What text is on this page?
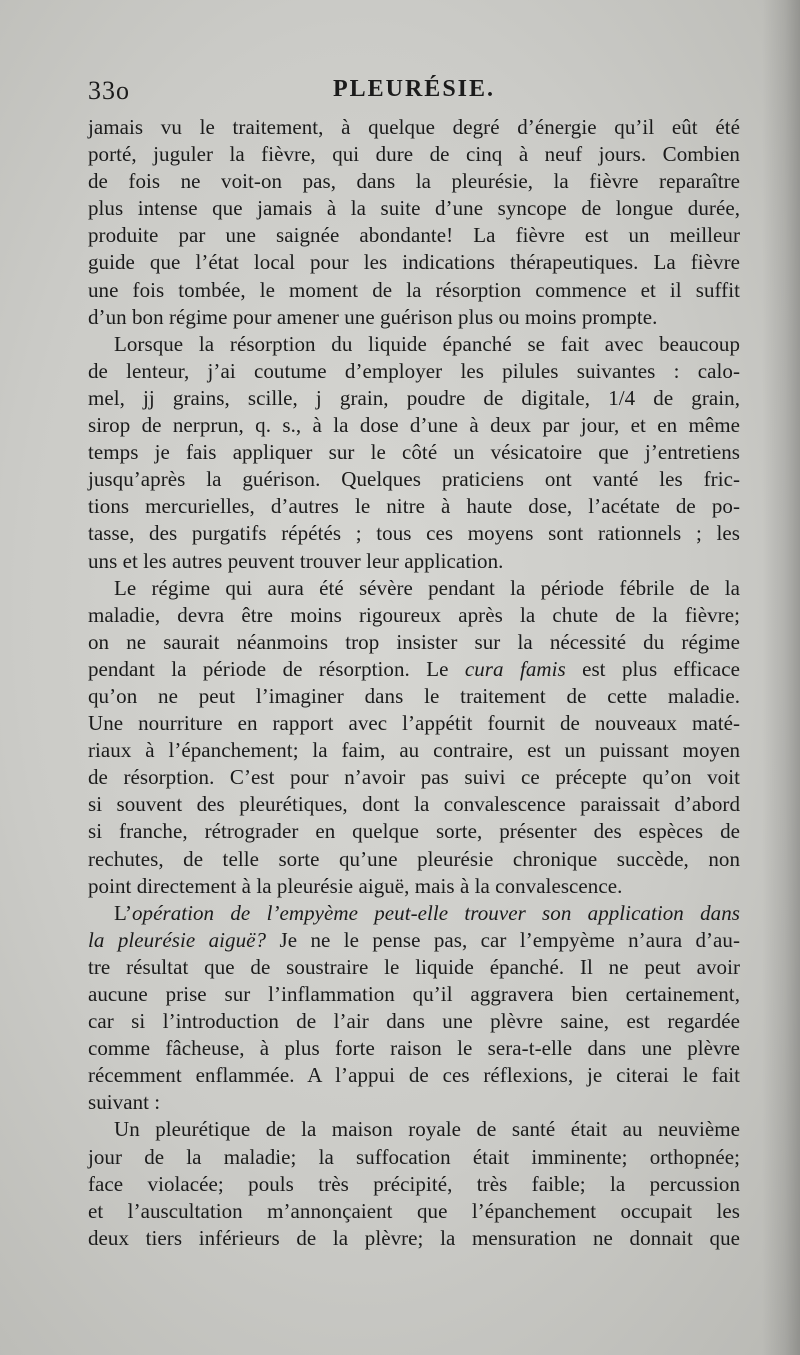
33o	PLEURÉSIE.
jamais vu le traitement, à quelque degré d’énergie qu’il eût été
porté, juguler la fièvre, qui dure de cinq à neuf jours. Combien
de fois ne voit-on pas, dans la pleurésie, la fièvre reparaître
plus intense que jamais à la suite d’une syncope de longue durée,
produite par une saignée abondante! La fièvre est un meilleur
guide que l’état local pour les indications thérapeutiques. La fièvre
une fois tombée, le moment de la résorption commence et il suffit
d’un bon régime pour amener une guérison plus ou moins prompte.
Lorsque la résorption du liquide épanché se fait avec beaucoup
de lenteur, j’ai coutume d’employer les pilules suivantes : calo-
mel, jj grains, scille, j grain, poudre de digitale, 1/4 de grain,
sirop de nerprun, q. s., à la dose d’une à deux par jour, et en même
temps je fais appliquer sur le côté un vésicatoire que j’entretiens
jusqu’après la guérison. Quelques praticiens ont vanté les fric-
tions mercurielles, d’autres le nitre à haute dose, l’acétate de po-
tasse, des purgatifs répétés ; tous ces moyens sont rationnels ; les
uns et les autres peuvent trouver leur application.
Le régime qui aura été sévère pendant la période fébrile de la
maladie, devra être moins rigoureux après la chute de la fièvre;
on ne saurait néanmoins trop insister sur la nécessité du régime
pendant la période de résorption. Le cura famis est plus efficace
qu’on ne peut l’imaginer dans le traitement de cette maladie.
Une nourriture en rapport avec l’appétit fournit de nouveaux maté-
riaux à l’épanchement; la faim, au contraire, est un puissant moyen
de résorption. C’est pour n’avoir pas suivi ce précepte qu’on voit
si souvent des pleurétiques, dont la convalescence paraissait d’abord
si franche, rétrograder en quelque sorte, présenter des espèces de
rechutes, de telle sorte qu’une pleurésie chronique succède, non
point directement à la pleurésie aiguë, mais à la convalescence.
L’opération de l’empyème peut-elle trouver son application dans
la pleurésie aiguë? Je ne le pense pas, car l’empyème n’aura d’au-
tre résultat que de soustraire le liquide épanché. Il ne peut avoir
aucune prise sur l’inflammation qu’il aggravera bien certainement,
car si l’introduction de l’air dans une plèvre saine, est regardée
comme fâcheuse, à plus forte raison le sera-t-elle dans une plèvre
récemment enflammée. A l’appui de ces réflexions, je citerai le fait
suivant :
Un pleurétique de la maison royale de santé était au neuvième
jour de la maladie; la suffocation était imminente; orthopnée;
face violacée; pouls très précipité, très faible; la percussion
et l’auscultation m’annonçaient que l’épanchement occupait les
deux tiers inférieurs de la plèvre; la mensuration ne donnait que
